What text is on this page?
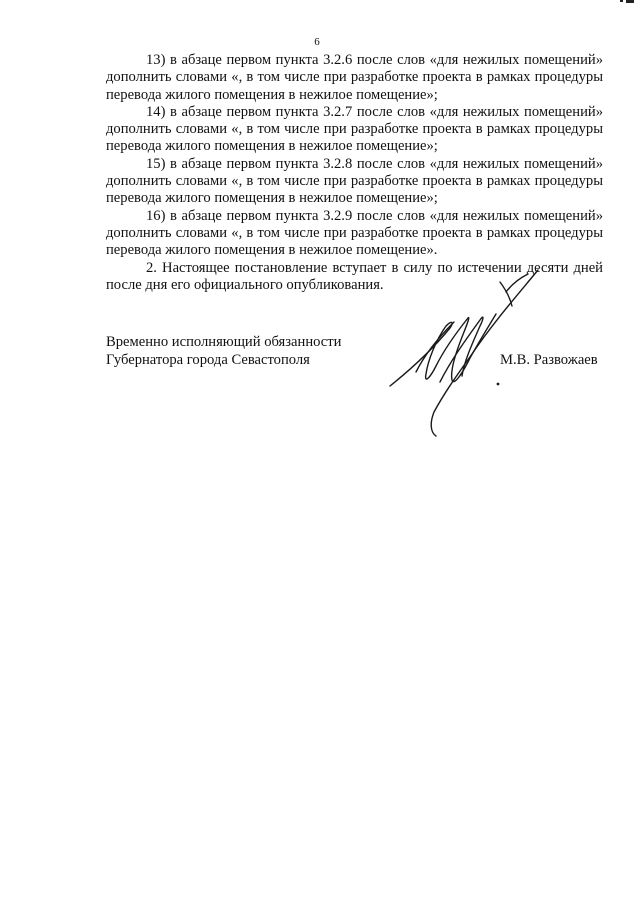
6

13) в абзаце первом пункта 3.2.6 после слов «для нежилых помещений» дополнить словами «, в том числе при разработке проекта в рамках процедуры перевода жилого помещения в нежилое помещение»;

14) в абзаце первом пункта 3.2.7 после слов «для нежилых помещений» дополнить словами «, в том числе при разработке проекта в рамках процедуры перевода жилого помещения в нежилое помещение»;

15) в абзаце первом пункта 3.2.8 после слов «для нежилых помещений» дополнить словами «, в том числе при разработке проекта в рамках процедуры перевода жилого помещения в нежилое помещение»;

16) в абзаце первом пункта 3.2.9 после слов «для нежилых помещений» дополнить словами «, в том числе при разработке проекта в рамках процедуры перевода жилого помещения в нежилое помещение».

2. Настоящее постановление вступает в силу по истечении десяти дней после дня его официального опубликования.

Временно исполняющий обязанности
Губернатора города Севастополя	М.В. Развожаев
